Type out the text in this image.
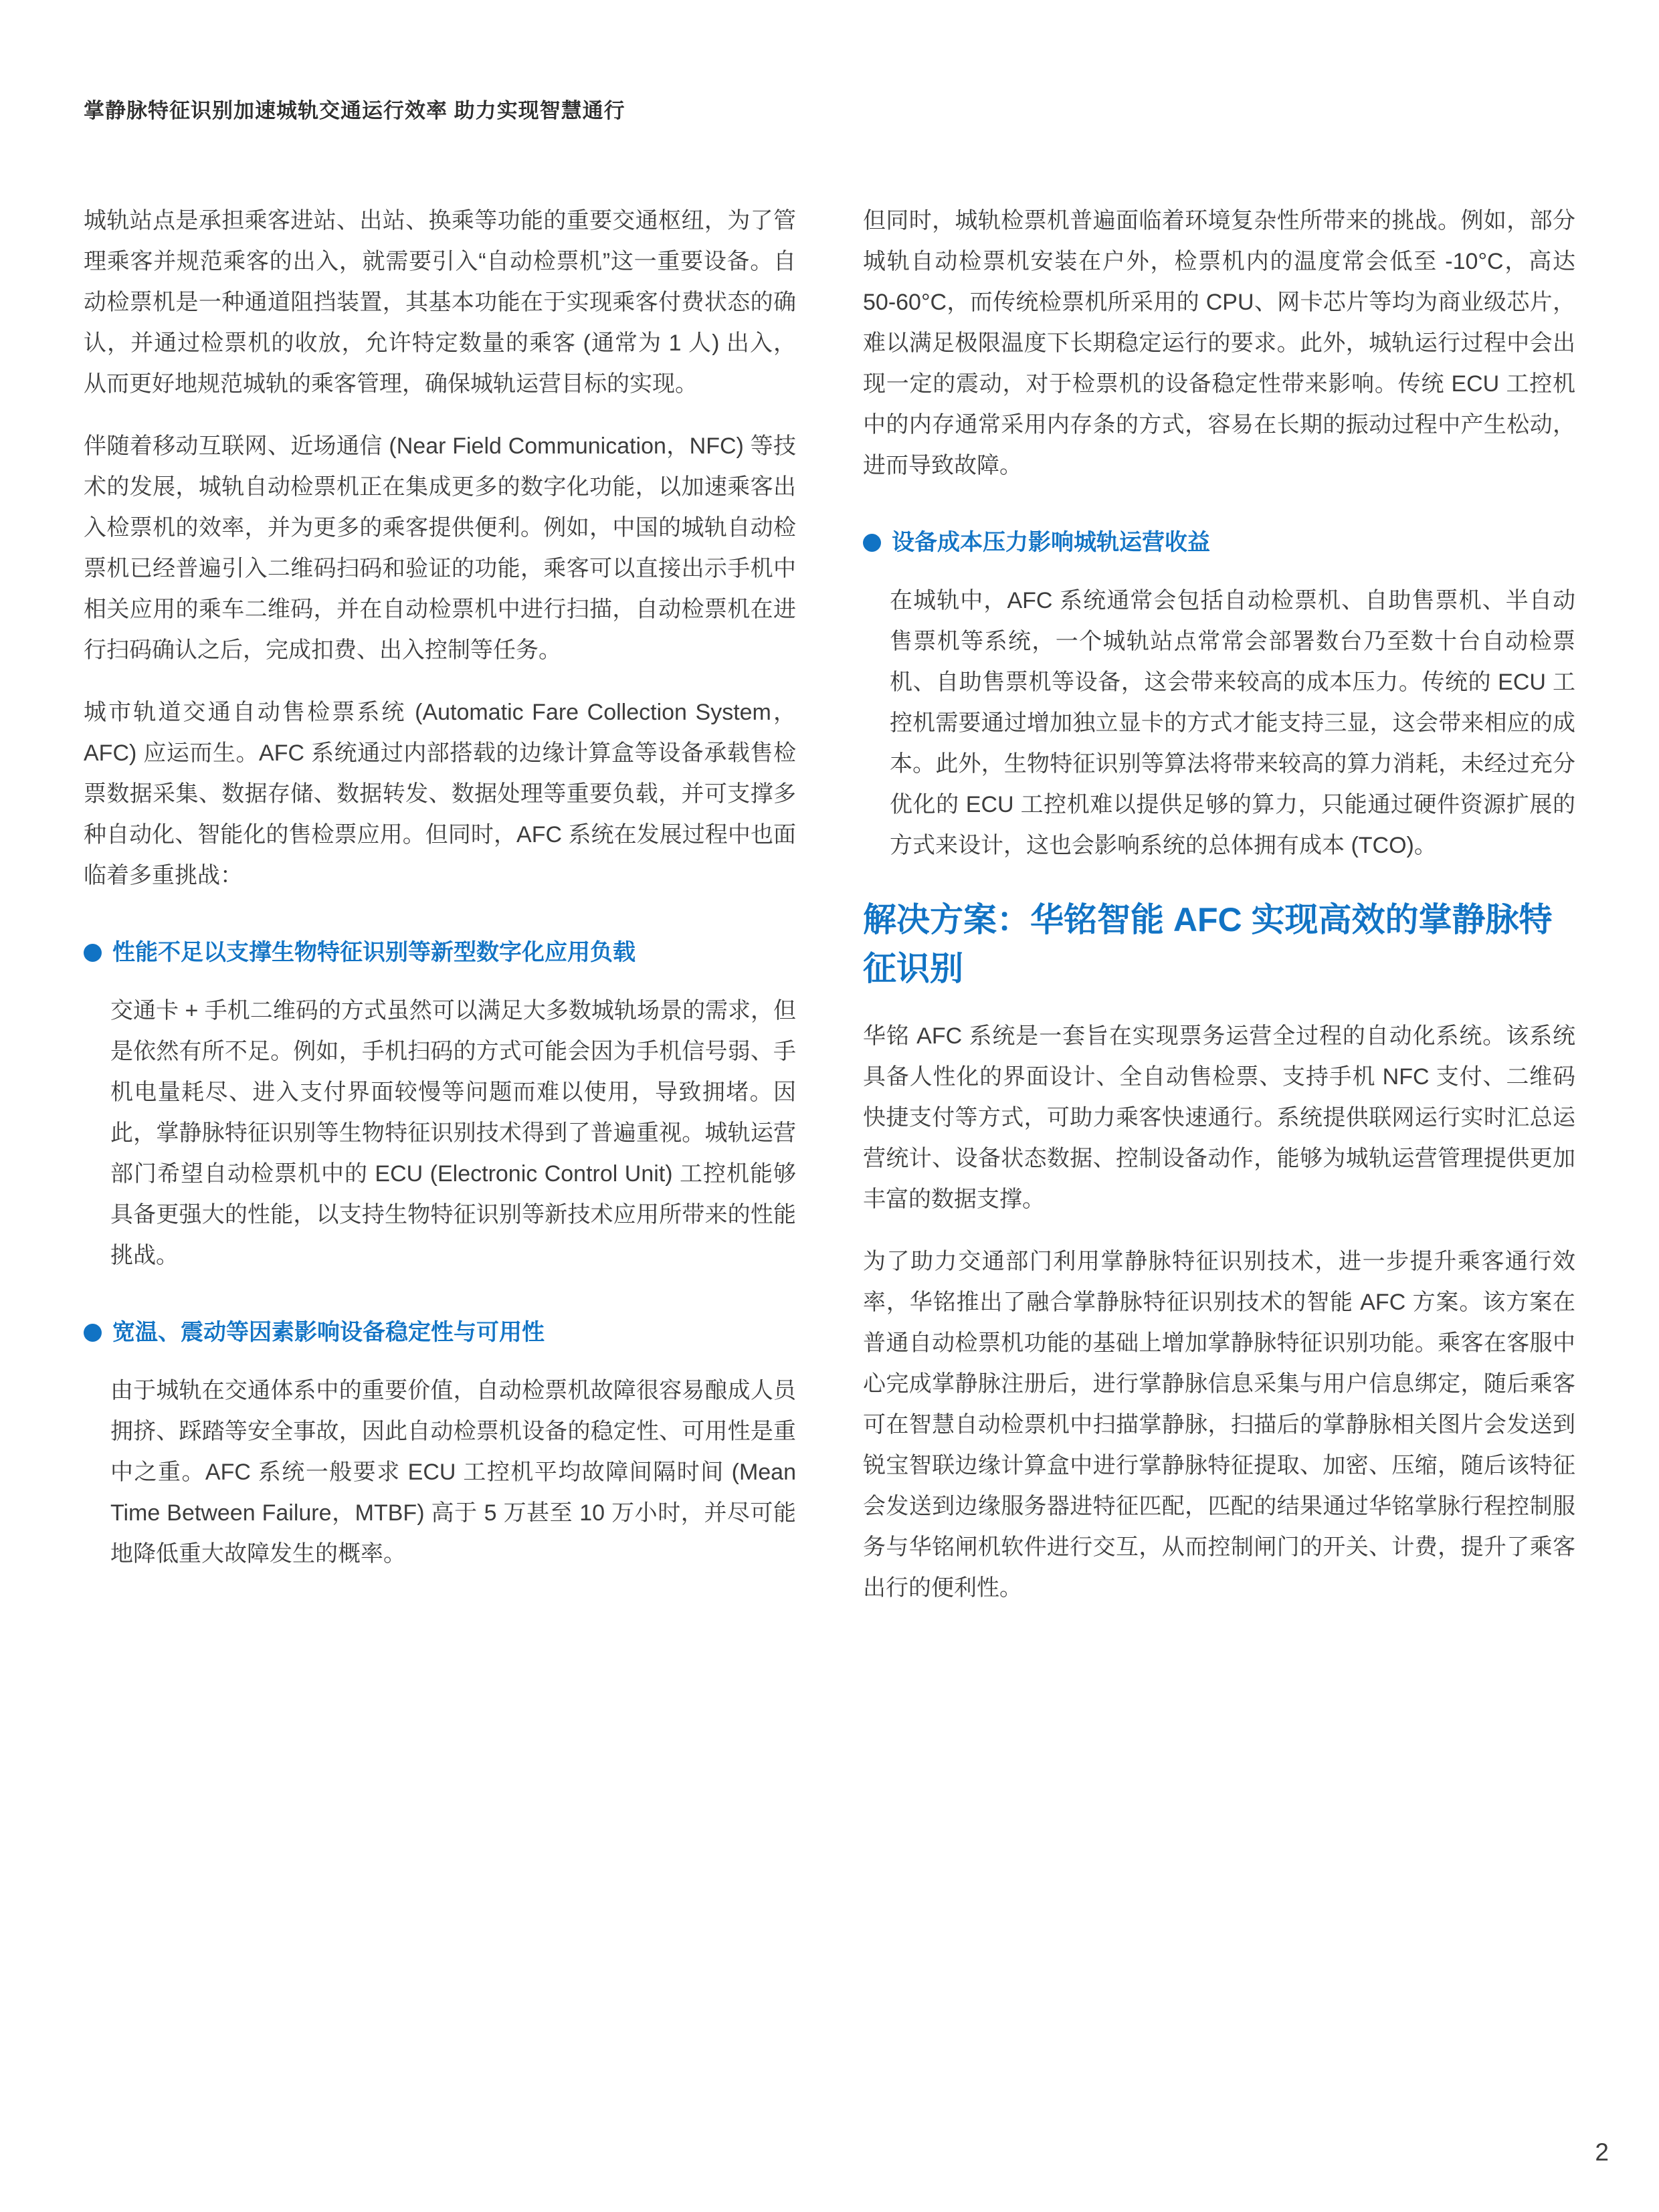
掌静脉特征识别加速城轨交通运行效率 助力实现智慧通行

城轨站点是承担乘客进站、出站、换乘等功能的重要交通枢纽，为了管理乘客并规范乘客的出入，就需要引入“自动检票机”这一重要设备。自动检票机是一种通道阻挡装置，其基本功能在于实现乘客付费状态的确认，并通过检票机的收放，允许特定数量的乘客 (通常为 1 人) 出入，从而更好地规范城轨的乘客管理，确保城轨运营目标的实现。

伴随着移动互联网、近场通信 (Near Field Communication，NFC) 等技术的发展，城轨自动检票机正在集成更多的数字化功能，以加速乘客出入检票机的效率，并为更多的乘客提供便利。例如，中国的城轨自动检票机已经普遍引入二维码扫码和验证的功能，乘客可以直接出示手机中相关应用的乘车二维码，并在自动检票机中进行扫描，自动检票机在进行扫码确认之后，完成扣费、出入控制等任务。

城市轨道交通自动售检票系统 (Automatic Fare Collection System，AFC) 应运而生。AFC 系统通过内部搭载的边缘计算盒等设备承载售检票数据采集、数据存储、数据转发、数据处理等重要负载，并可支撑多种自动化、智能化的售检票应用。但同时，AFC 系统在发展过程中也面临着多重挑战：

性能不足以支撑生物特征识别等新型数字化应用负载

交通卡 + 手机二维码的方式虽然可以满足大多数城轨场景的需求，但是依然有所不足。例如，手机扫码的方式可能会因为手机信号弱、手机电量耗尽、进入支付界面较慢等问题而难以使用，导致拥堵。因此，掌静脉特征识别等生物特征识别技术得到了普遍重视。城轨运营部门希望自动检票机中的 ECU (Electronic Control Unit) 工控机能够具备更强大的性能，以支持生物特征识别等新技术应用所带来的性能挑战。

宽温、震动等因素影响设备稳定性与可用性

由于城轨在交通体系中的重要价值，自动检票机故障很容易酿成人员拥挤、踩踏等安全事故，因此自动检票机设备的稳定性、可用性是重中之重。AFC 系统一般要求 ECU 工控机平均故障间隔时间 (Mean Time Between Failure，MTBF) 高于 5 万甚至 10 万小时，并尽可能地降低重大故障发生的概率。

但同时，城轨检票机普遍面临着环境复杂性所带来的挑战。例如，部分城轨自动检票机安装在户外，检票机内的温度常会低至 -10°C，高达 50-60°C，而传统检票机所采用的 CPU、网卡芯片等均为商业级芯片，难以满足极限温度下长期稳定运行的要求。此外，城轨运行过程中会出现一定的震动，对于检票机的设备稳定性带来影响。传统 ECU 工控机中的内存通常采用内存条的方式，容易在长期的振动过程中产生松动，进而导致故障。

设备成本压力影响城轨运营收益

在城轨中，AFC 系统通常会包括自动检票机、自助售票机、半自动售票机等系统，一个城轨站点常常会部署数台乃至数十台自动检票机、自助售票机等设备，这会带来较高的成本压力。传统的 ECU 工控机需要通过增加独立显卡的方式才能支持三显，这会带来相应的成本。此外，生物特征识别等算法将带来较高的算力消耗，未经过充分优化的 ECU 工控机难以提供足够的算力，只能通过硬件资源扩展的方式来设计，这也会影响系统的总体拥有成本 (TCO)。

解决方案：华铭智能 AFC 实现高效的掌静脉特征识别

华铭 AFC 系统是一套旨在实现票务运营全过程的自动化系统。该系统具备人性化的界面设计、全自动售检票、支持手机 NFC 支付、二维码快捷支付等方式，可助力乘客快速通行。系统提供联网运行实时汇总运营统计、设备状态数据、控制设备动作，能够为城轨运营管理提供更加丰富的数据支撑。

为了助力交通部门利用掌静脉特征识别技术，进一步提升乘客通行效率，华铭推出了融合掌静脉特征识别技术的智能 AFC 方案。该方案在普通自动检票机功能的基础上增加掌静脉特征识别功能。乘客在客服中心完成掌静脉注册后，进行掌静脉信息采集与用户信息绑定，随后乘客可在智慧自动检票机中扫描掌静脉，扫描后的掌静脉相关图片会发送到锐宝智联边缘计算盒中进行掌静脉特征提取、加密、压缩，随后该特征会发送到边缘服务器进特征匹配，匹配的结果通过华铭掌脉行程控制服务与华铭闸机软件进行交互，从而控制闸门的开关、计费，提升了乘客出行的便利性。

2
